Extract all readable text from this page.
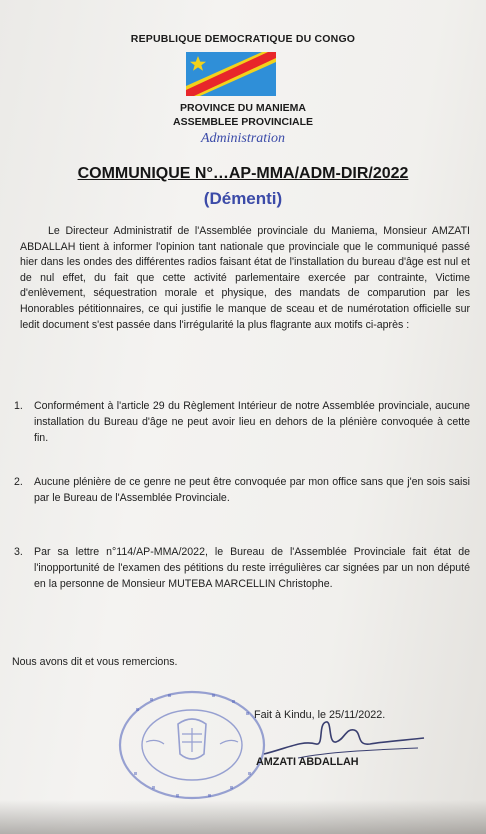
REPUBLIQUE DEMOCRATIQUE DU CONGO
PROVINCE DU MANIEMA
ASSEMBLEE PROVINCIALE
Administration
COMMUNIQUE N°…AP-MMA/ADM-DIR/2022
(Démenti)
Le Directeur Administratif de l'Assemblée provinciale du Maniema, Monsieur AMZATI ABDALLAH tient à informer l'opinion tant nationale que provinciale que le communiqué passé hier dans les ondes des différentes radios faisant état de l'installation du bureau d'âge est nul et de nul effet, du fait que cette activité parlementaire exercée par contrainte, Victime d'enlèvement, séquestration morale et physique, des mandats de comparution par les Honorables pétitionnaires, ce qui justifie le manque de sceau et de numérotation officielle sur ledit document s'est passée dans l'irrégularité la plus flagrante aux motifs ci-après :
1. Conformément à l'article 29 du Règlement Intérieur de notre Assemblée provinciale, aucune installation du Bureau d'âge ne peut avoir lieu en dehors de la plénière convoquée à cette fin.
2. Aucune plénière de ce genre ne peut être convoquée par mon office sans que j'en sois saisi par le Bureau de l'Assemblée Provinciale.
3. Par sa lettre n°114/AP-MMA/2022, le Bureau de l'Assemblée Provinciale fait état de l'inopportunité de l'examen des pétitions du reste irrégulières car signées par un non député en la personne de Monsieur MUTEBA MARCELLIN Christophe.
Nous avons dit et vous remercions.
Fait à Kindu, le 25/11/2022.
AMZATI ABDALLAH
